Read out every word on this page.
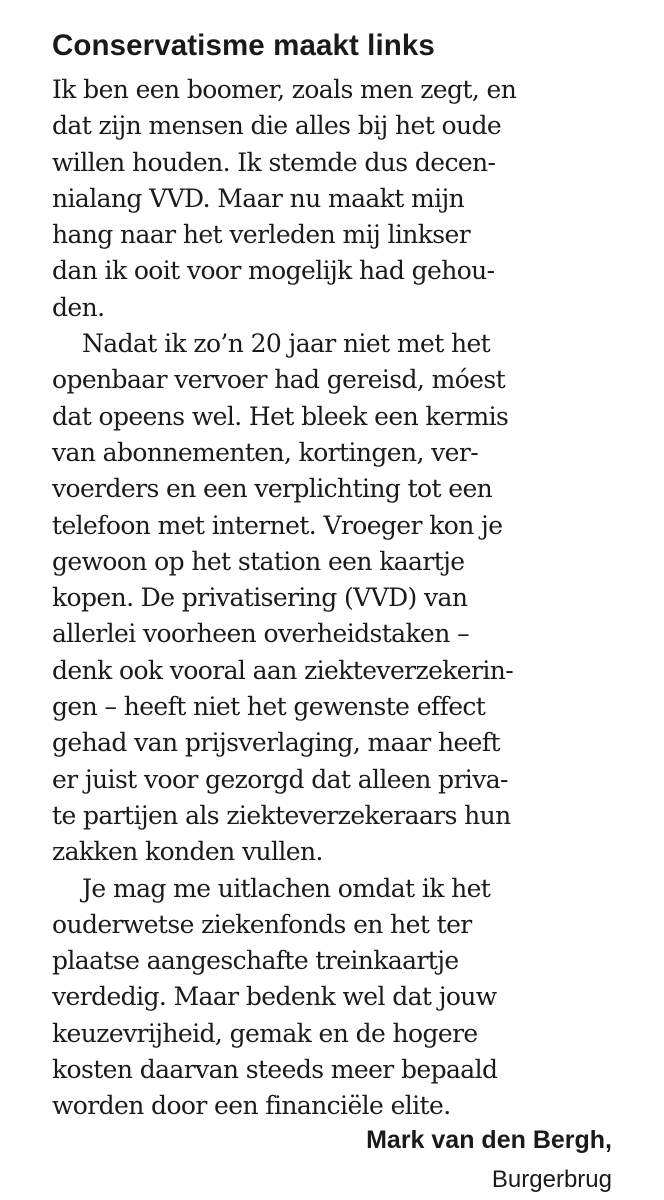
Conservatisme maakt links
Ik ben een boomer, zoals men zegt, en
dat zijn mensen die alles bij het oude
willen houden. Ik stemde dus decen-
nialang VVD. Maar nu maakt mijn
hang naar het verleden mij linkser
dan ik ooit voor mogelijk had gehou-
den.
Nadat ik zo’n 20 jaar niet met het
openbaar vervoer had gereisd, móest
dat opeens wel. Het bleek een kermis
van abonnementen, kortingen, ver-
voerders en een verplichting tot een
telefoon met internet. Vroeger kon je
gewoon op het station een kaartje
kopen. De privatisering (VVD) van
allerlei voorheen overheidstaken –
denk ook vooral aan ziekteverzekerin-
gen – heeft niet het gewenste effect
gehad van prijsverlaging, maar heeft
er juist voor gezorgd dat alleen priva-
te partijen als ziekteverzekeraars hun
zakken konden vullen.
Je mag me uitlachen omdat ik het
ouderwetse ziekenfonds en het ter
plaatse aangeschafte treinkaartje
verdedig. Maar bedenk wel dat jouw
keuzevrijheid, gemak en de hogere
kosten daarvan steeds meer bepaald
worden door een financiële elite.
Mark van den Bergh,
Burgerbrug
